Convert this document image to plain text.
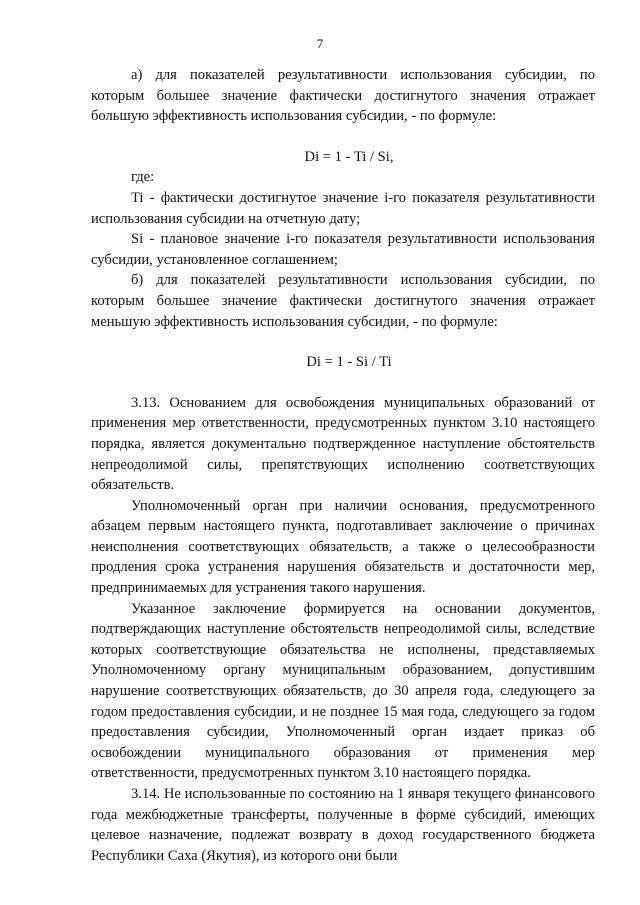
7

а) для показателей результативности использования субсидии, по которым большее значение фактически достигнутого значения отражает большую эффективность использования субсидии, - по формуле:

Di = 1 - Ti / Si,

где:

Ti - фактически достигнутое значение i-го показателя результативности использования субсидии на отчетную дату;

Si - плановое значение i-го показателя результативности использования субсидии, установленное соглашением;

б) для показателей результативности использования субсидии, по которым большее значение фактически достигнутого значения отражает меньшую эффективность использования субсидии, - по формуле:

Di = 1 - Si / Ti

3.13. Основанием для освобождения муниципальных образований от применения мер ответственности, предусмотренных пунктом 3.10 настоящего порядка, является документально подтвержденное наступление обстоятельств непреодолимой силы, препятствующих исполнению соответствующих обязательств.

Уполномоченный орган при наличии основания, предусмотренного абзацем первым настоящего пункта, подготавливает заключение о причинах неисполнения соответствующих обязательств, а также о целесообразности продления срока устранения нарушения обязательств и достаточности мер, предпринимаемых для устранения такого нарушения.

Указанное заключение формируется на основании документов, подтверждающих наступление обстоятельств непреодолимой силы, вследствие которых соответствующие обязательства не исполнены, представляемых Уполномоченному органу муниципальным образованием, допустившим нарушение соответствующих обязательств, до 30 апреля года, следующего за годом предоставления субсидии, и не позднее 15 мая года, следующего за годом предоставления субсидии, Уполномоченный орган издает приказ об освобождении муниципального образования от применения мер ответственности, предусмотренных пунктом 3.10 настоящего порядка.

3.14. Не использованные по состоянию на 1 января текущего финансового года межбюджетные трансферты, полученные в форме субсидий, имеющих целевое назначение, подлежат возврату в доход государственного бюджета Республики Саха (Якутия), из которого они были
